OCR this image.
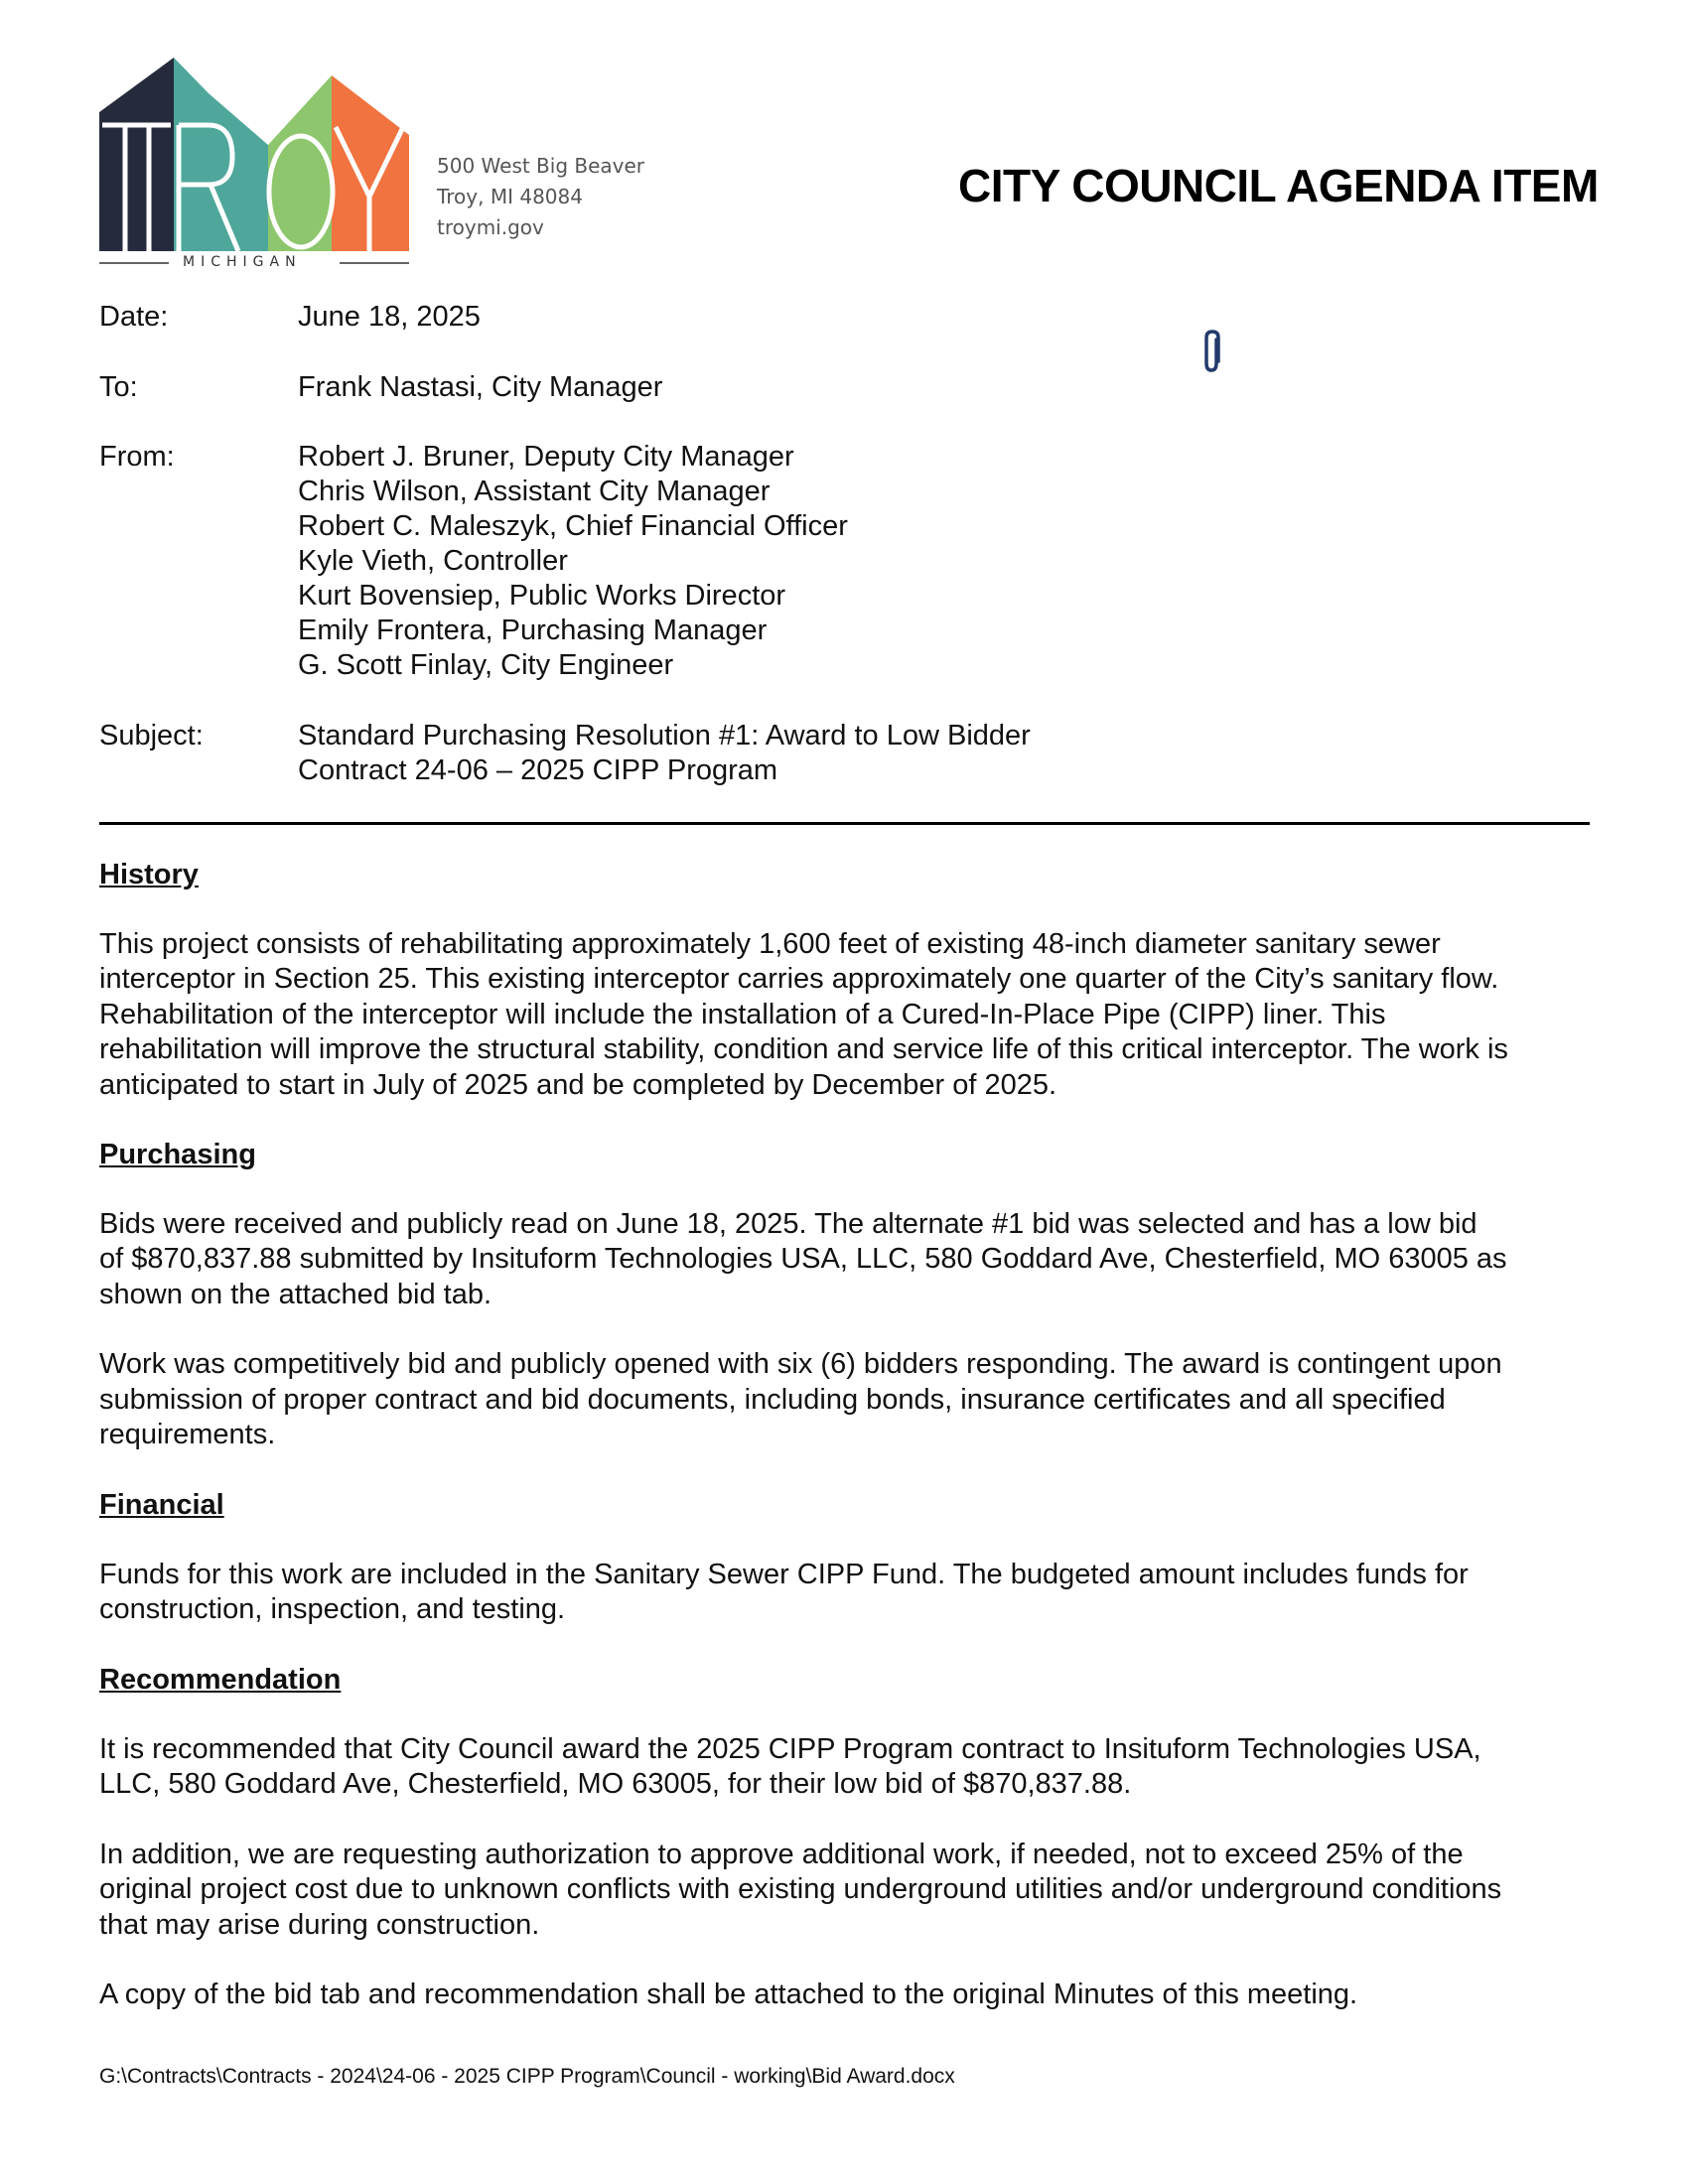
MICHIGAN
500 West Big Beaver
Troy, MI 48084
troymi.gov
CITY COUNCIL AGENDA ITEM
Date:	June 18, 2025
To:	Frank Nastasi, City Manager
From:	Robert J. Bruner, Deputy City Manager
Chris Wilson, Assistant City Manager
Robert C. Maleszyk, Chief Financial Officer
Kyle Vieth, Controller
Kurt Bovensiep, Public Works Director
Emily Frontera, Purchasing Manager
G. Scott Finlay, City Engineer
Subject:	Standard Purchasing Resolution #1: Award to Low Bidder
Contract 24-06 – 2025 CIPP Program
History
This project consists of rehabilitating approximately 1,600 feet of existing 48-inch diameter sanitary sewer
interceptor in Section 25. This existing interceptor carries approximately one quarter of the City’s sanitary flow.
Rehabilitation of the interceptor will include the installation of a Cured-In-Place Pipe (CIPP) liner. This
rehabilitation will improve the structural stability, condition and service life of this critical interceptor. The work is
anticipated to start in July of 2025 and be completed by December of 2025.
Purchasing
Bids were received and publicly read on June 18, 2025. The alternate #1 bid was selected and has a low bid
of $870,837.88 submitted by Insituform Technologies USA, LLC, 580 Goddard Ave, Chesterfield, MO 63005 as
shown on the attached bid tab.
Work was competitively bid and publicly opened with six (6) bidders responding. The award is contingent upon
submission of proper contract and bid documents, including bonds, insurance certificates and all specified
requirements.
Financial
Funds for this work are included in the Sanitary Sewer CIPP Fund. The budgeted amount includes funds for
construction, inspection, and testing.
Recommendation
It is recommended that City Council award the 2025 CIPP Program contract to Insituform Technologies USA,
LLC, 580 Goddard Ave, Chesterfield, MO 63005, for their low bid of $870,837.88.
In addition, we are requesting authorization to approve additional work, if needed, not to exceed 25% of the
original project cost due to unknown conflicts with existing underground utilities and/or underground conditions
that may arise during construction.
A copy of the bid tab and recommendation shall be attached to the original Minutes of this meeting.
G:\Contracts\Contracts - 2024\24-06 - 2025 CIPP Program\Council - working\Bid Award.docx
